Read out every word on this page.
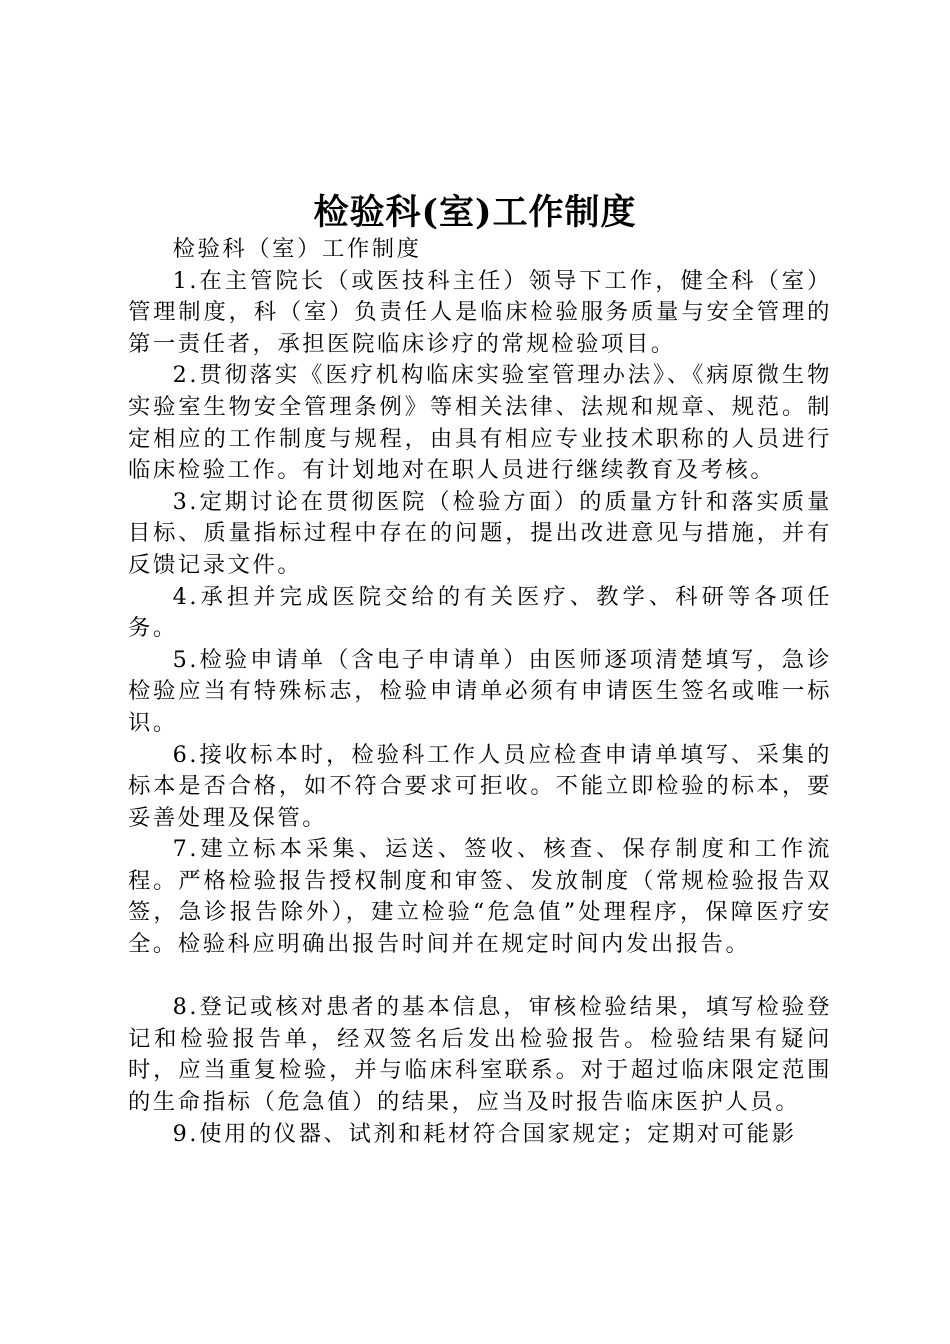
检验科(室)工作制度

检验科（室）工作制度

1.在主管院长（或医技科主任）领导下工作，健全科（室）管理制度，科（室）负责任人是临床检验服务质量与安全管理的第一责任者，承担医院临床诊疗的常规检验项目。

2.贯彻落实《医疗机构临床实验室管理办法》、《病原微生物实验室生物安全管理条例》等相关法律、法规和规章、规范。制定相应的工作制度与规程，由具有相应专业技术职称的人员进行临床检验工作。有计划地对在职人员进行继续教育及考核。

3.定期讨论在贯彻医院（检验方面）的质量方针和落实质量目标、质量指标过程中存在的问题，提出改进意见与措施，并有反馈记录文件。

4.承担并完成医院交给的有关医疗、教学、科研等各项任务。

5.检验申请单（含电子申请单）由医师逐项清楚填写，急诊检验应当有特殊标志，检验申请单必须有申请医生签名或唯一标识。

6.接收标本时，检验科工作人员应检查申请单填写、采集的标本是否合格，如不符合要求可拒收。不能立即检验的标本，要妥善处理及保管。

7.建立标本采集、运送、签收、核查、保存制度和工作流程。严格检验报告授权制度和审签、发放制度（常规检验报告双签，急诊报告除外），建立检验“危急值”处理程序，保障医疗安全。检验科应明确出报告时间并在规定时间内发出报告。

8.登记或核对患者的基本信息，审核检验结果，填写检验登记和检验报告单，经双签名后发出检验报告。检验结果有疑问时，应当重复检验，并与临床科室联系。对于超过临床限定范围的生命指标（危急值）的结果，应当及时报告临床医护人员。

9.使用的仪器、试剂和耗材符合国家规定；定期对可能影
